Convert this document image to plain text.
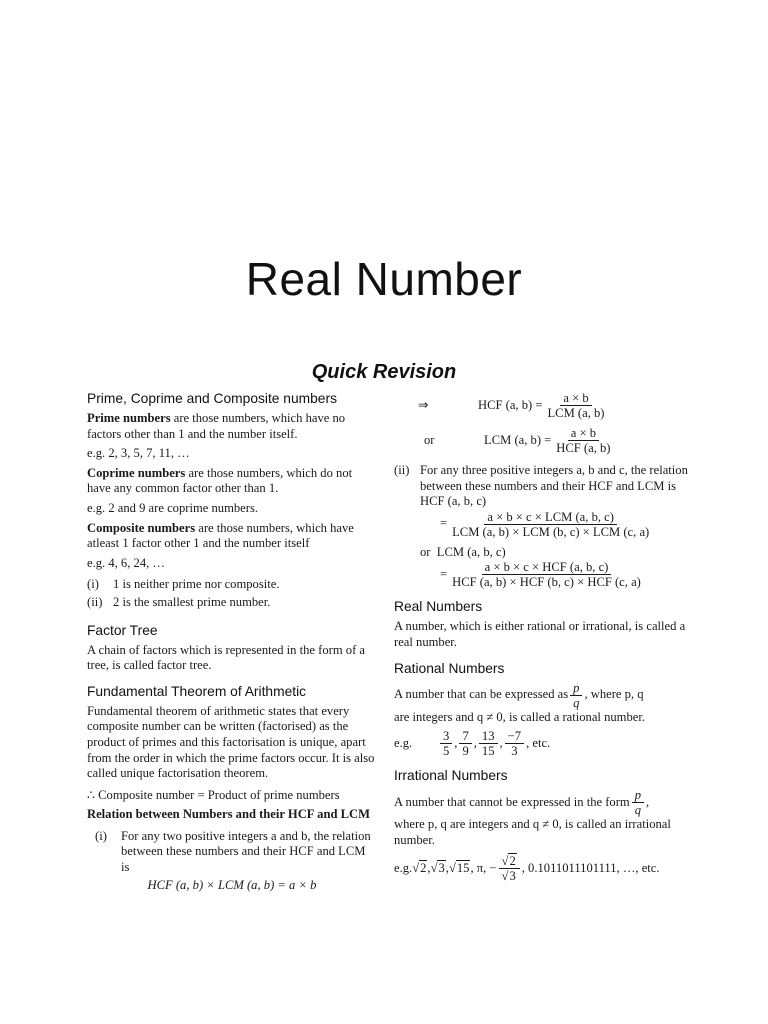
Real Number
Quick Revision
Prime, Coprime and Composite numbers

Prime numbers are those numbers, which have no factors other than 1 and the number itself.

e.g. 2, 3, 5, 7, 11, …

Coprime numbers are those numbers, which do not have any common factor other than 1.

e.g. 2 and 9 are coprime numbers.

Composite numbers are those numbers, which have atleast 1 factor other 1 and the number itself

e.g. 4, 6, 24, …

(i)	1 is neither prime nor composite.
(ii) 2 is the smallest prime number.
Factor Tree

A chain of factors which is represented in the form of a tree, is called factor tree.

Fundamental Theorem of Arithmetic

Fundamental theorem of arithmetic states that every composite number can be written (factorised) as the product of primes and this factorisation is unique, apart from the order in which the prime factors occur. It is also called unique factorisation theorem.

∴ Composite number = Product of prime numbers

Relation between Numbers and their HCF and LCM

(i)	For any two positive integers a and b, the relation between these numbers and their HCF and LCM is

HCF (a, b) × LCM (a, b) = a × b

⇒	HCF (a, $b) = \frac{a \times b}{\text{LCM (a, b)}}$
or	LCM (a, $b) = \frac{a \times b}{\text{HCF (a, b)}}$
(ii) For any three positive integers a, b and c, the relation between these numbers and their HCF and LCM is

HCF (a, b, c)

= $\frac{\text{a × b × c × LCM (a, b, c)}}{\text{LCM (a, b) × LCM (b, c) × LCM (c, a)}}$

or LCM (a, b, c)

= $\frac{\text{a × b × c × HCF (a, b, c)}}{\text{HCF (a, b) × HCF (b, c) × HCF (c, a)}}$
Real Numbers

A number, which is either rational or irrational, is called a real number.

Rational Numbers
A number that can be expressed as $\frac{p}{q}$ , where p, q

are integers and q ≠ 0, is called a rational number.

e.g.	$\frac{3}{5}$ , $\frac{7}{9}$ , $\frac{13}{15}$ , $\frac{-7}{3}$ , etc.
Irrational Numbers
A number that cannot be expressed in the form $\frac{p}{q}$ ,

where p, q are integers and q ≠ 0, is called an irrational number.

e.g. √2 , √3 , √15 , π, − $\frac{√2}{√3}$ , 0.1011011101111, …, etc.
